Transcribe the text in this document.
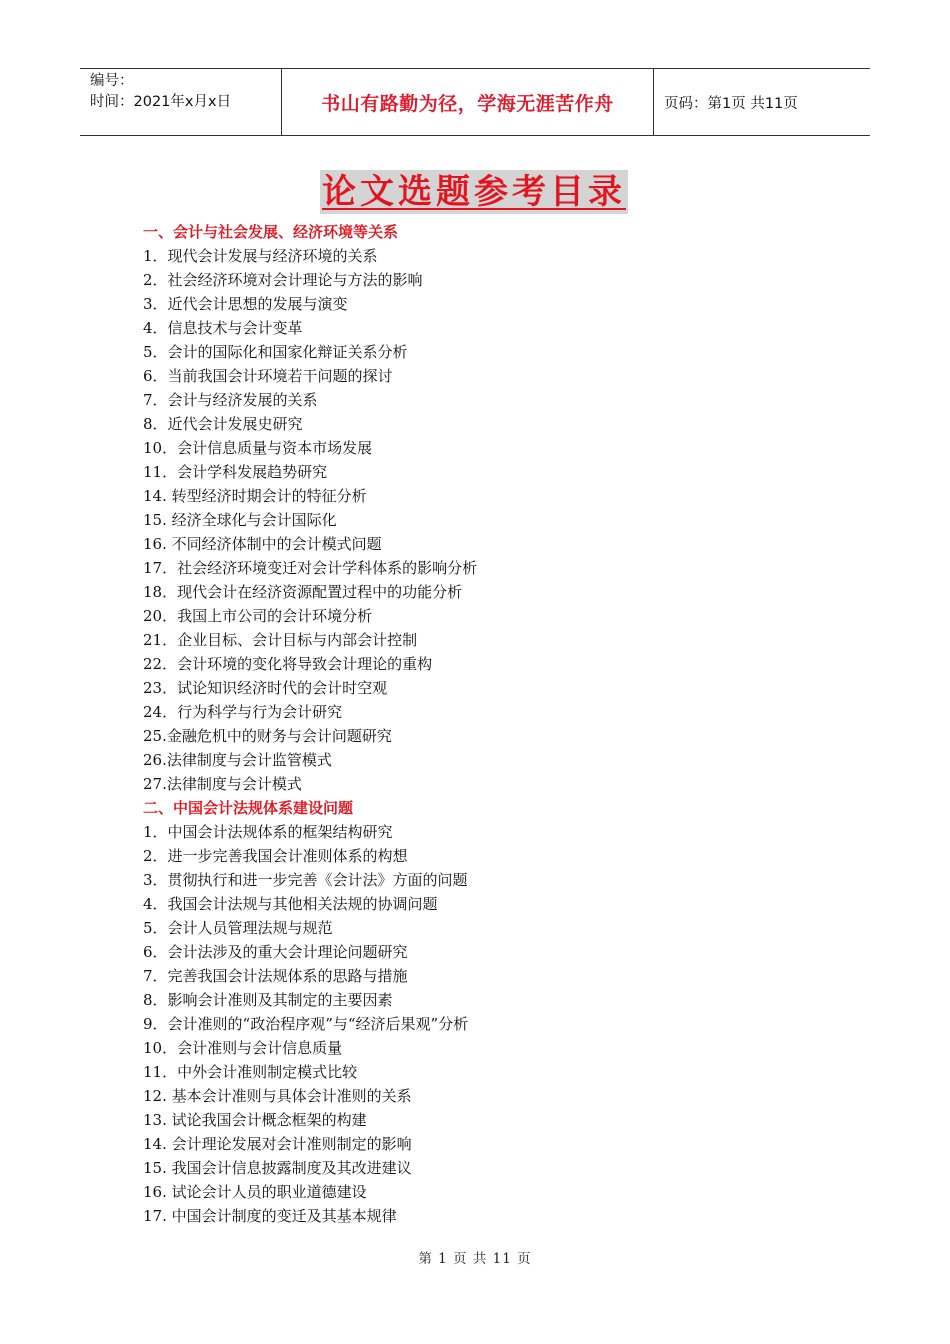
编号：
时间：2021年x月x日	书山有路勤为径，学海无涯苦作舟	页码：第1页 共11页
论文选题参考目录
一、会计与社会发展、经济环境等关系
1．现代会计发展与经济环境的关系
2．社会经济环境对会计理论与方法的影响
3．近代会计思想的发展与演变
4．信息技术与会计变革
5．会计的国际化和国家化辩证关系分析
6．当前我国会计环境若干问题的探讨
7．会计与经济发展的关系
8．近代会计发展史研究
10．会计信息质量与资本市场发展
11．会计学科发展趋势研究
14. 转型经济时期会计的特征分析
15. 经济全球化与会计国际化
16. 不同经济体制中的会计模式问题
17．社会经济环境变迁对会计学科体系的影响分析
18．现代会计在经济资源配置过程中的功能分析
20．我国上市公司的会计环境分析
21．企业目标、会计目标与内部会计控制
22．会计环境的变化将导致会计理论的重构
23．试论知识经济时代的会计时空观
24．行为科学与行为会计研究
25.金融危机中的财务与会计问题研究
26.法律制度与会计监管模式
27.法律制度与会计模式
二、中国会计法规体系建设问题
1．中国会计法规体系的框架结构研究
2．进一步完善我国会计准则体系的构想
3．贯彻执行和进一步完善《会计法》方面的问题
4．我国会计法规与其他相关法规的协调问题
5．会计人员管理法规与规范
6．会计法涉及的重大会计理论问题研究
7．完善我国会计法规体系的思路与措施
8．影响会计准则及其制定的主要因素
9．会计准则的“政治程序观”与“经济后果观”分析
10．会计准则与会计信息质量
11．中外会计准则制定模式比较
12. 基本会计准则与具体会计准则的关系
13. 试论我国会计概念框架的构建
14. 会计理论发展对会计准则制定的影响
15. 我国会计信息披露制度及其改进建议
16. 试论会计人员的职业道德建设
17. 中国会计制度的变迁及其基本规律
第 1 页 共 11 页
